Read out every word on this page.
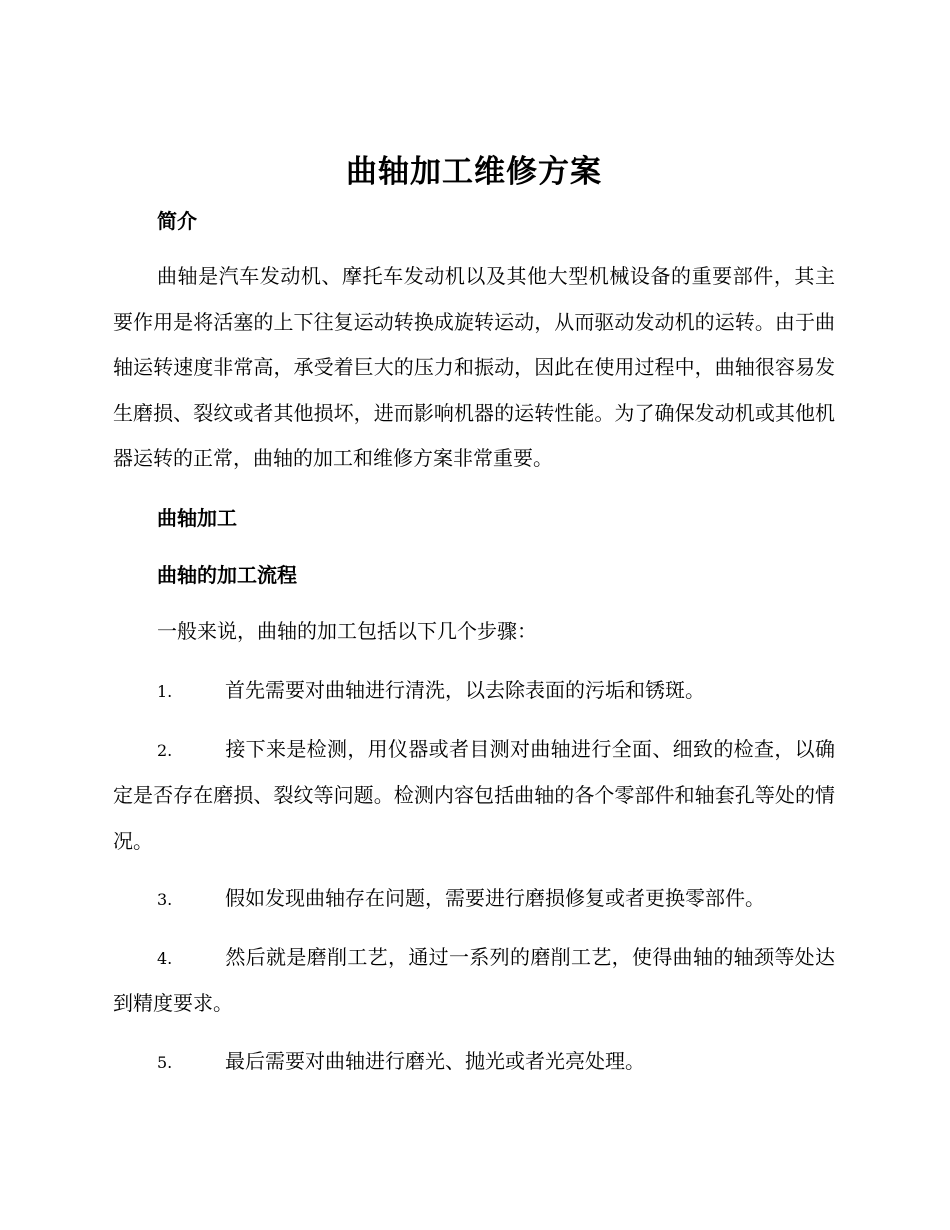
曲轴加工维修方案
简介

曲轴是汽车发动机、摩托车发动机以及其他大型机械设备的重要部件，其主要作用是将活塞的上下往复运动转换成旋转运动，从而驱动发动机的运转。由于曲轴运转速度非常高，承受着巨大的压力和振动，因此在使用过程中，曲轴很容易发生磨损、裂纹或者其他损坏，进而影响机器的运转性能。为了确保发动机或其他机器运转的正常，曲轴的加工和维修方案非常重要。

曲轴加工
曲轴的加工流程

一般来说，曲轴的加工包括以下几个步骤：

1.	首先需要对曲轴进行清洗，以去除表面的污垢和锈斑。

2.	接下来是检测，用仪器或者目测对曲轴进行全面、细致的检查，以确定是否存在磨损、裂纹等问题。检测内容包括曲轴的各个零部件和轴套孔等处的情况。

3.	假如发现曲轴存在问题，需要进行磨损修复或者更换零部件。

4.	然后就是磨削工艺，通过一系列的磨削工艺，使得曲轴的轴颈等处达到精度要求。

5.	最后需要对曲轴进行磨光、抛光或者光亮处理。
